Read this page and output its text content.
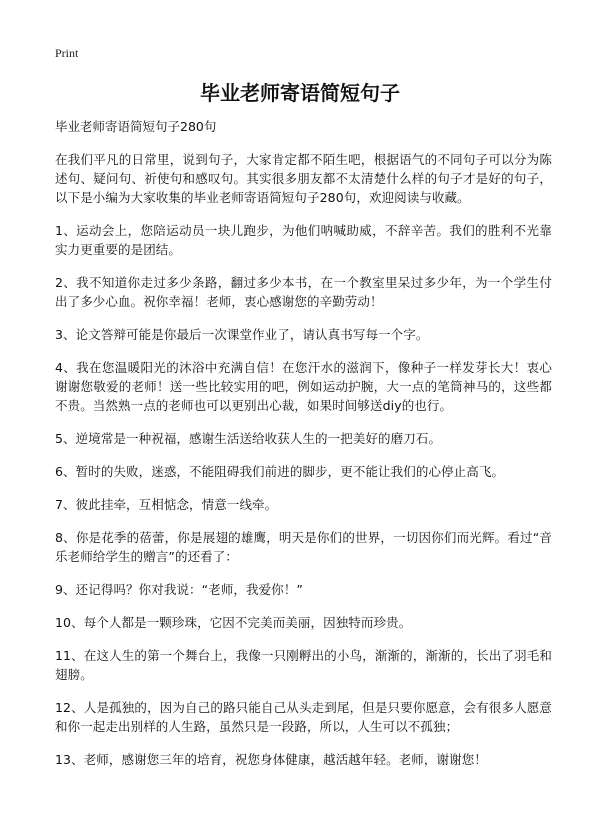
Print
毕业老师寄语简短句子

毕业老师寄语简短句子280句

在我们平凡的日常里，说到句子，大家肯定都不陌生吧，根据语气的不同句子可以分为陈述句、疑问句、祈使句和感叹句。其实很多朋友都不太清楚什么样的句子才是好的句子，以下是小编为大家收集的毕业老师寄语简短句子280句，欢迎阅读与收藏。

1、运动会上，您陪运动员一块儿跑步，为他们呐喊助威，不辞辛苦。我们的胜利不光靠实力更重要的是团结。

2、我不知道你走过多少条路，翻过多少本书，在一个教室里呆过多少年，为一个学生付出了多少心血。祝你幸福！老师，衷心感谢您的辛勤劳动！

3、论文答辩可能是你最后一次课堂作业了，请认真书写每一个字。

4、我在您温暖阳光的沐浴中充满自信！在您汗水的滋润下，像种子一样发芽长大！衷心谢谢您敬爱的老师！送一些比较实用的吧，例如运动护腕，大一点的笔筒神马的，这些都不贵。当然熟一点的老师也可以更别出心裁，如果时间够送diy的也行。

5、逆境常是一种祝福，感谢生活送给收获人生的一把美好的磨刀石。

6、暂时的失败，迷惑，不能阻碍我们前进的脚步，更不能让我们的心停止高飞。

7、彼此挂牵，互相惦念，情意一线牵。

8、你是花季的蓓蕾，你是展翅的雄鹰，明天是你们的世界，一切因你们而光辉。看过“音乐老师给学生的赠言”的还看了：

9、还记得吗？你对我说：“老师，我爱你！”

10、每个人都是一颗珍珠，它因不完美而美丽，因独特而珍贵。

11、在这人生的第一个舞台上，我像一只刚孵出的小鸟，渐渐的，渐渐的，长出了羽毛和翅膀。

12、人是孤独的，因为自己的路只能自己从头走到尾，但是只要你愿意，会有很多人愿意和你一起走出别样的人生路，虽然只是一段路，所以，人生可以不孤独；

13、老师，感谢您三年的培育，祝您身体健康，越活越年轻。老师，谢谢您！
